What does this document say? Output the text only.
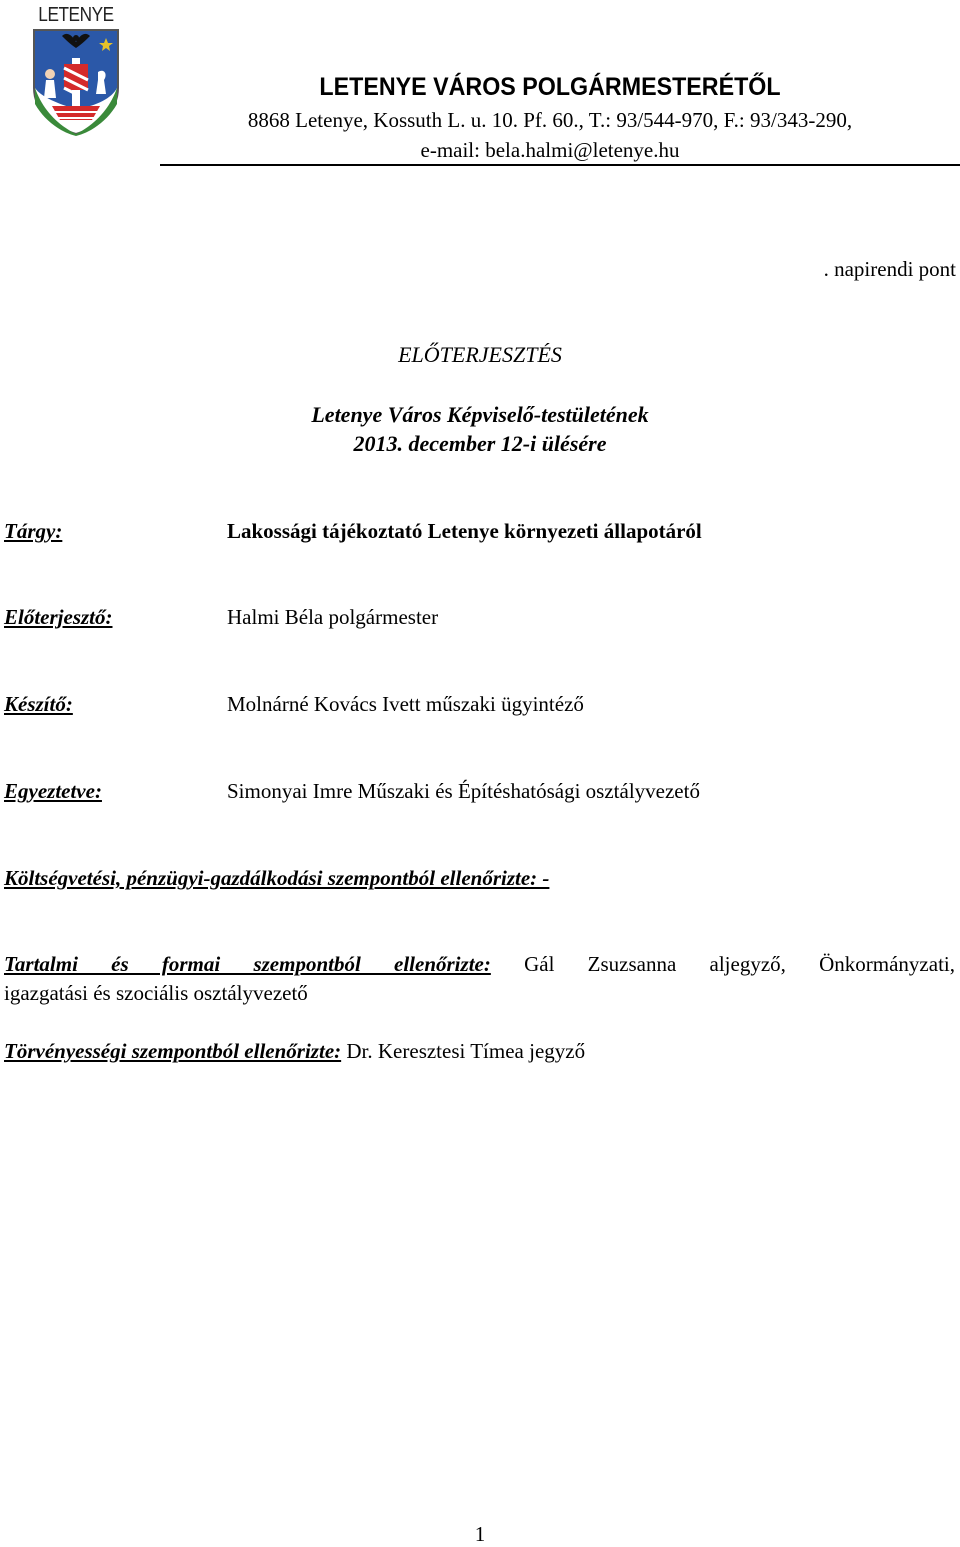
LETENYE
LETENYE VÁROS POLGÁRMESTERÉTŐL
8868 Letenye, Kossuth L. u. 10. Pf. 60., T.: 93/544-970, F.: 93/343-290,
e-mail: bela.halmi@letenye.hu
. napirendi pont
ELŐTERJESZTÉS
Letenye Város Képviselő-testületének
2013. december 12-i ülésére
Tárgy:	Lakossági tájékoztató Letenye környezeti állapotáról
Előterjesztő:	Halmi Béla polgármester
Készítő:	Molnárné Kovács Ivett műszaki ügyintéző
Egyeztetve:	Simonyai Imre Műszaki és Építéshatósági osztályvezető
Költségvetési, pénzügyi-gazdálkodási szempontból ellenőrizte: -
Tartalmi és formai szempontból ellenőrizte: Gál Zsuzsanna aljegyző, Önkormányzati,
igazgatási és szociális osztályvezető
Törvényességi szempontból ellenőrizte: Dr. Keresztesi Tímea jegyző
1
